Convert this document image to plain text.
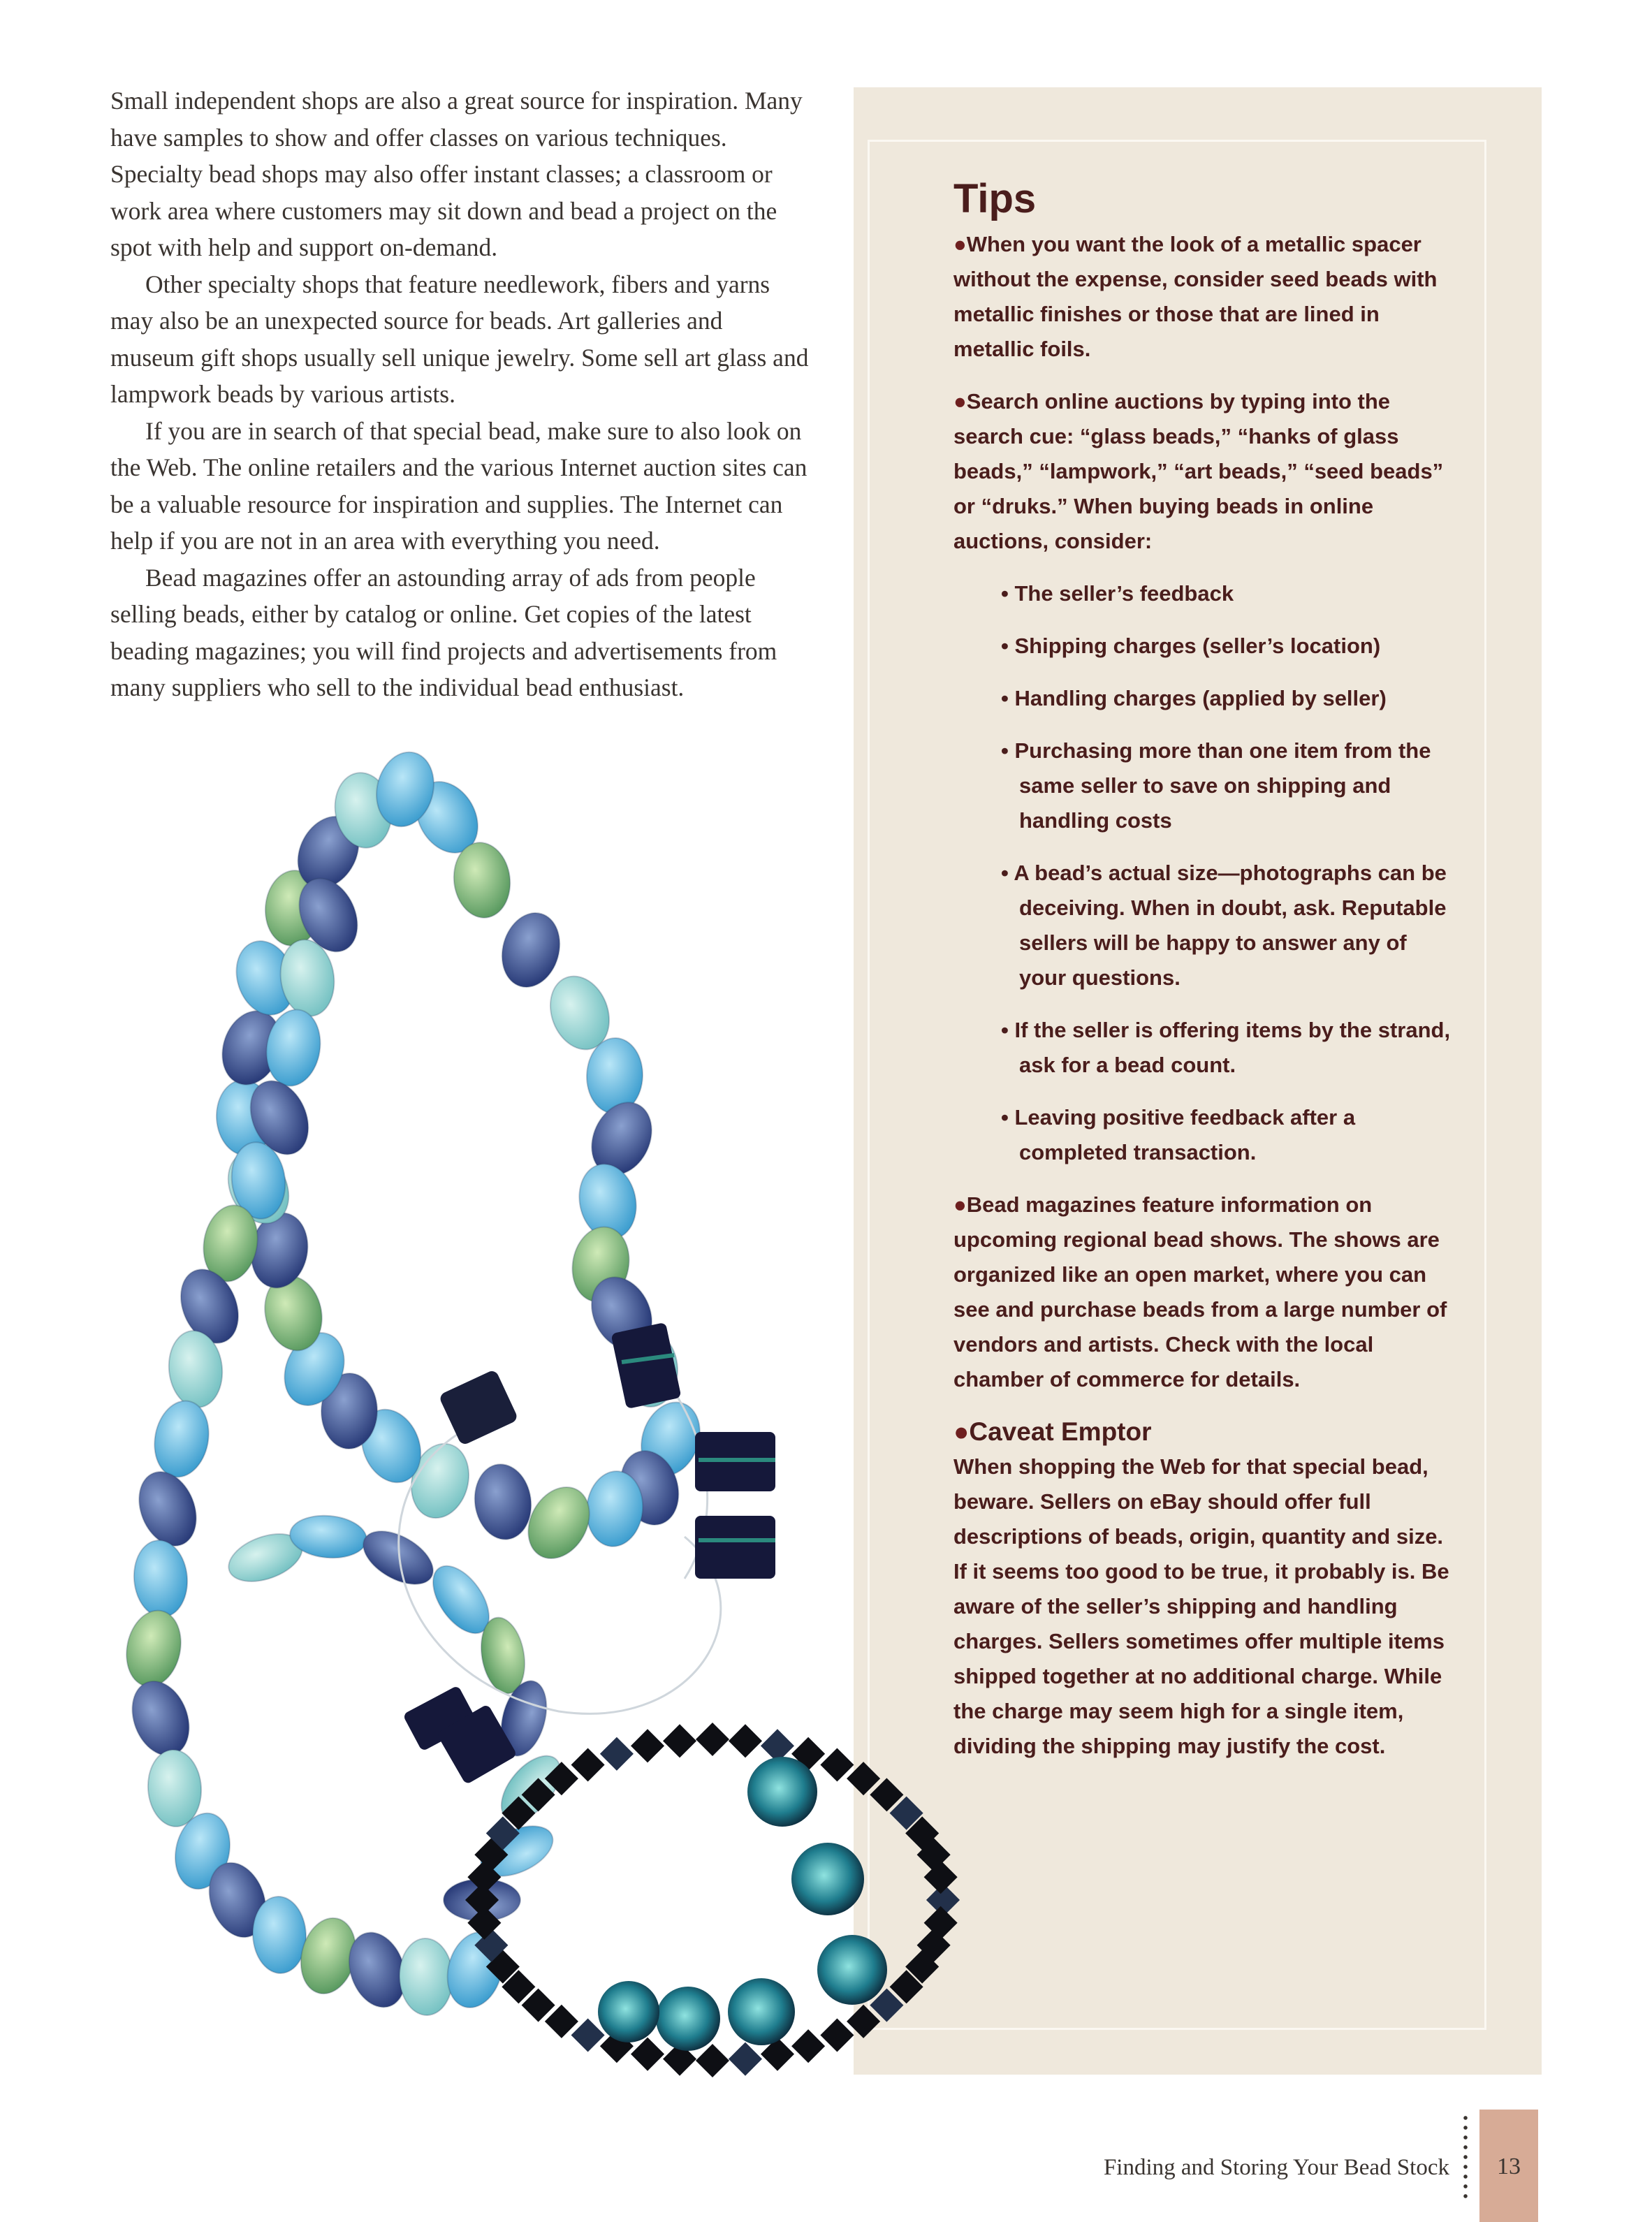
Small independent shops are also a great source for inspiration. Many have samples to show and offer classes on various techniques. Specialty bead shops may also offer instant classes; a classroom or work area where customers may sit down and bead a project on the spot with help and support on-demand.

Other specialty shops that feature needlework, fibers and yarns may also be an unexpected source for beads. Art galleries and museum gift shops usually sell unique jewelry. Some sell art glass and lampwork beads by various artists.

If you are in search of that special bead, make sure to also look on the Web. The online retailers and the various Internet auction sites can be a valuable resource for inspiration and supplies. The Internet can help if you are not in an area with everything you need.

Bead magazines offer an astounding array of ads from people selling beads, either by catalog or online. Get copies of the latest beading magazines; you will find projects and advertisements from many suppliers who sell to the individual bead enthusiast.

Tips
●When you want the look of a metallic spacer without the expense, consider seed beads with metallic finishes or those that are lined in metallic foils.
●Search online auctions by typing into the search cue: “glass beads,” “hanks of glass beads,” “lampwork,” “art beads,” “seed beads” or “druks.” When buying beads in online auctions, consider:
• The seller’s feedback
• Shipping charges (seller’s location)
• Handling charges (applied by seller)
• Purchasing more than one item from the same seller to save on shipping and handling costs
• A bead’s actual size—photographs can be deceiving. When in doubt, ask. Reputable sellers will be happy to answer any of your questions.
• If the seller is offering items by the strand, ask for a bead count.
• Leaving positive feedback after a completed transaction.
●Bead magazines feature information on upcoming regional bead shows. The shows are organized like an open market, where you can see and purchase beads from a large number of vendors and artists. Check with the local chamber of commerce for details.
●Caveat Emptor
When shopping the Web for that special bead, beware. Sellers on eBay should offer full descriptions of beads, origin, quantity and size. If it seems too good to be true, it probably is. Be aware of the seller’s shipping and handling charges. Sellers sometimes offer multiple items shipped together at no additional charge. While the charge may seem high for a single item, dividing the shipping may justify the cost.
Finding and Storing Your Bead Stock	13
